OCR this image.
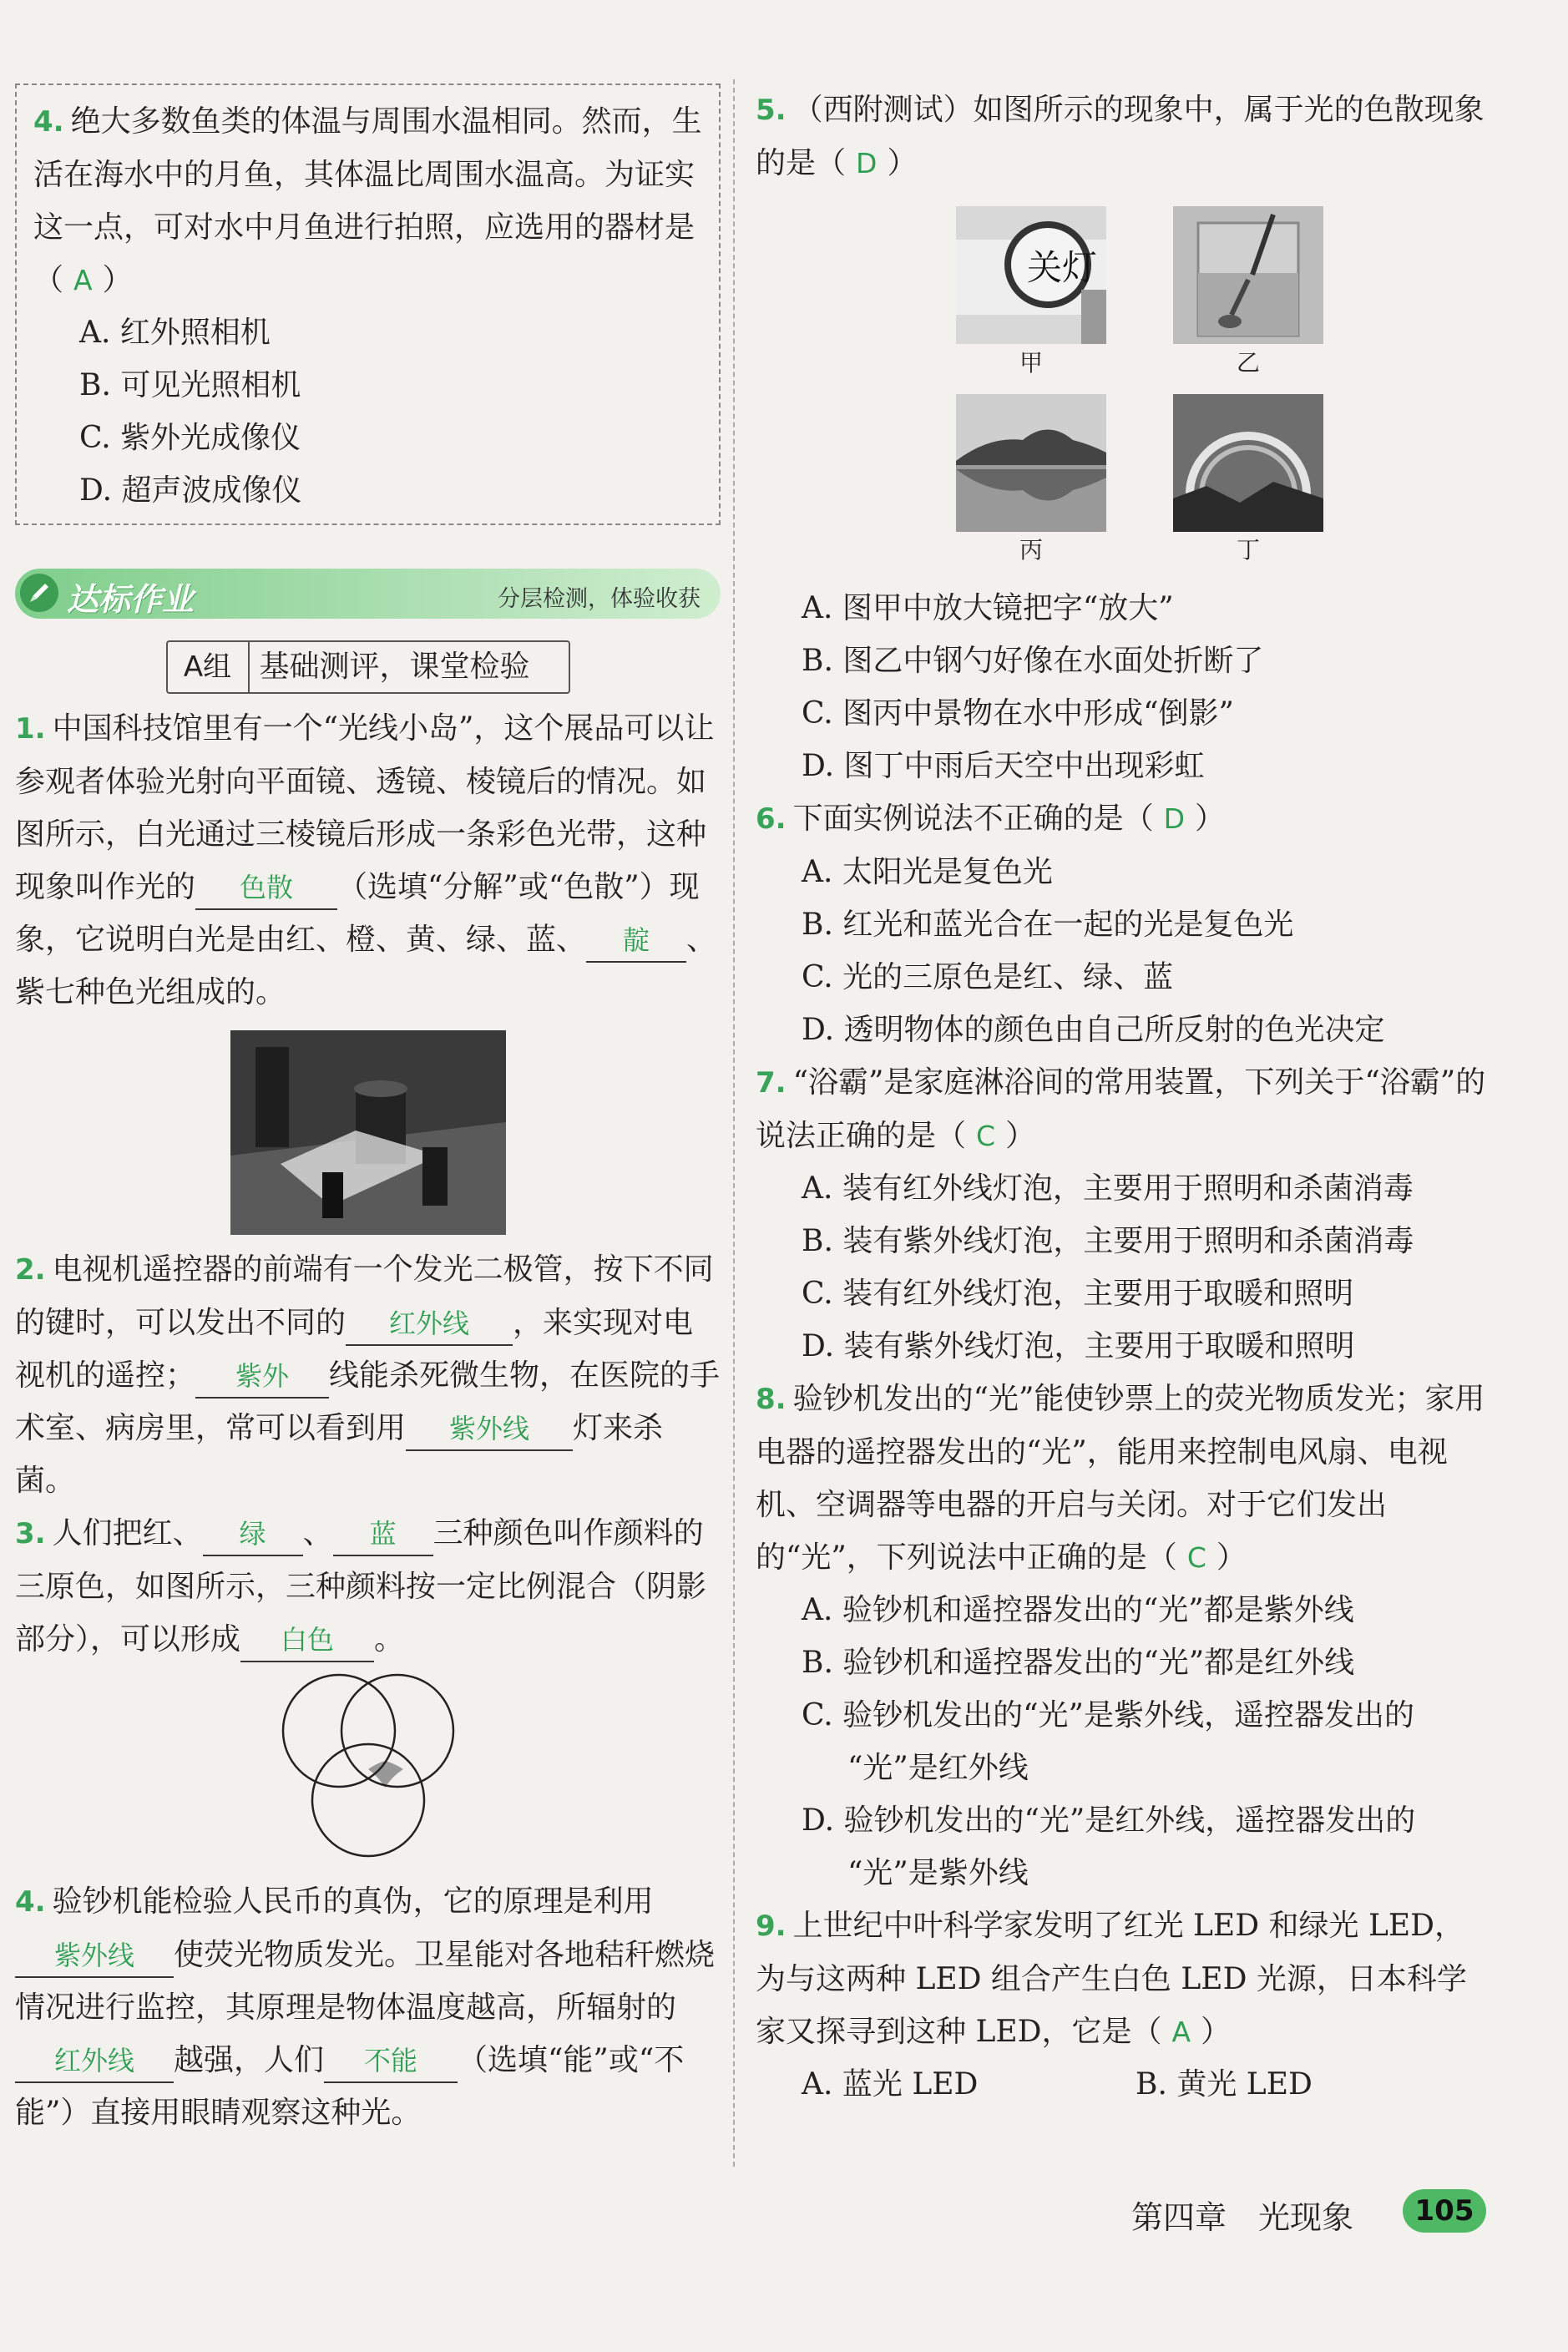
4. 绝大多数鱼类的体温与周围水温相同。然而，生活在海水中的月鱼，其体温比周围水温高。为证实这一点，可对水中月鱼进行拍照，应选用的器材是（ A ）

A. 红外照相机

B. 可见光照相机

C. 紫外光成像仪

D. 超声波成像仪

达标作业	分层检测，体验收获
A组 基础测评，课堂检验

1. 中国科技馆里有一个“光线小岛”，这个展品可以让参观者体验光射向平面镜、透镜、棱镜后的情况。如图所示，白光通过三棱镜后形成一条彩色光带，这种现象叫作光的 色散 （选填“分解”或“色散”）现象，它说明白光是由红、橙、黄、绿、蓝、 靛 、紫七种色光组成的。

2. 电视机遥控器的前端有一个发光二极管，按下不同的键时，可以发出不同的 红外线 ，来实现对电视机的遥控； 紫外 线能杀死微生物，在医院的手术室、病房里，常可以看到用 紫外线 灯来杀菌。

3. 人们把红、 绿 、 蓝 三种颜色叫作颜料的三原色，如图所示，三种颜料按一定比例混合（阴影部分），可以形成 白色 。

4. 验钞机能检验人民币的真伪，它的原理是利用紫外线 使荧光物质发光。卫星能对各地秸秆燃烧情况进行监控，其原理是物体温度越高，所辐射的红外线 越强，人们 不能 （选填“能”或“不能”）直接用眼睛观察这种光。

5. （西附测试）如图所示的现象中，属于光的色散现象的是（ D ）

关灯
甲	乙
丙	丁

A. 图甲中放大镜把字“放大”

B. 图乙中钢勺好像在水面处折断了

C. 图丙中景物在水中形成“倒影”

D. 图丁中雨后天空中出现彩虹

6. 下面实例说法不正确的是（ D ）

A. 太阳光是复色光

B. 红光和蓝光合在一起的光是复色光

C. 光的三原色是红、绿、蓝

D. 透明物体的颜色由自己所反射的色光决定

7. “浴霸”是家庭淋浴间的常用装置，下列关于“浴霸”的说法正确的是（ C ）

A. 装有红外线灯泡，主要用于照明和杀菌消毒

B. 装有紫外线灯泡，主要用于照明和杀菌消毒

C. 装有红外线灯泡，主要用于取暖和照明

D. 装有紫外线灯泡，主要用于取暖和照明

8. 验钞机发出的“光”能使钞票上的荧光物质发光；家用电器的遥控器发出的“光”，能用来控制电风扇、电视机、空调器等电器的开启与关闭。对于它们发出的“光”，下列说法中正确的是（ C ）

A. 验钞机和遥控器发出的“光”都是紫外线

B. 验钞机和遥控器发出的“光”都是红外线

C. 验钞机发出的“光”是紫外线，遥控器发出的

“光”是红外线

D. 验钞机发出的“光”是红外线，遥控器发出的

“光”是紫外线

9. 上世纪中叶科学家发明了红光 LED 和绿光 LED，为与这两种 LED 组合产生白色 LED 光源，日本科学家又探寻到这种 LED，它是（ A ）

A. 蓝光 LED	B. 黄光 LED

第四章　光现象	105
